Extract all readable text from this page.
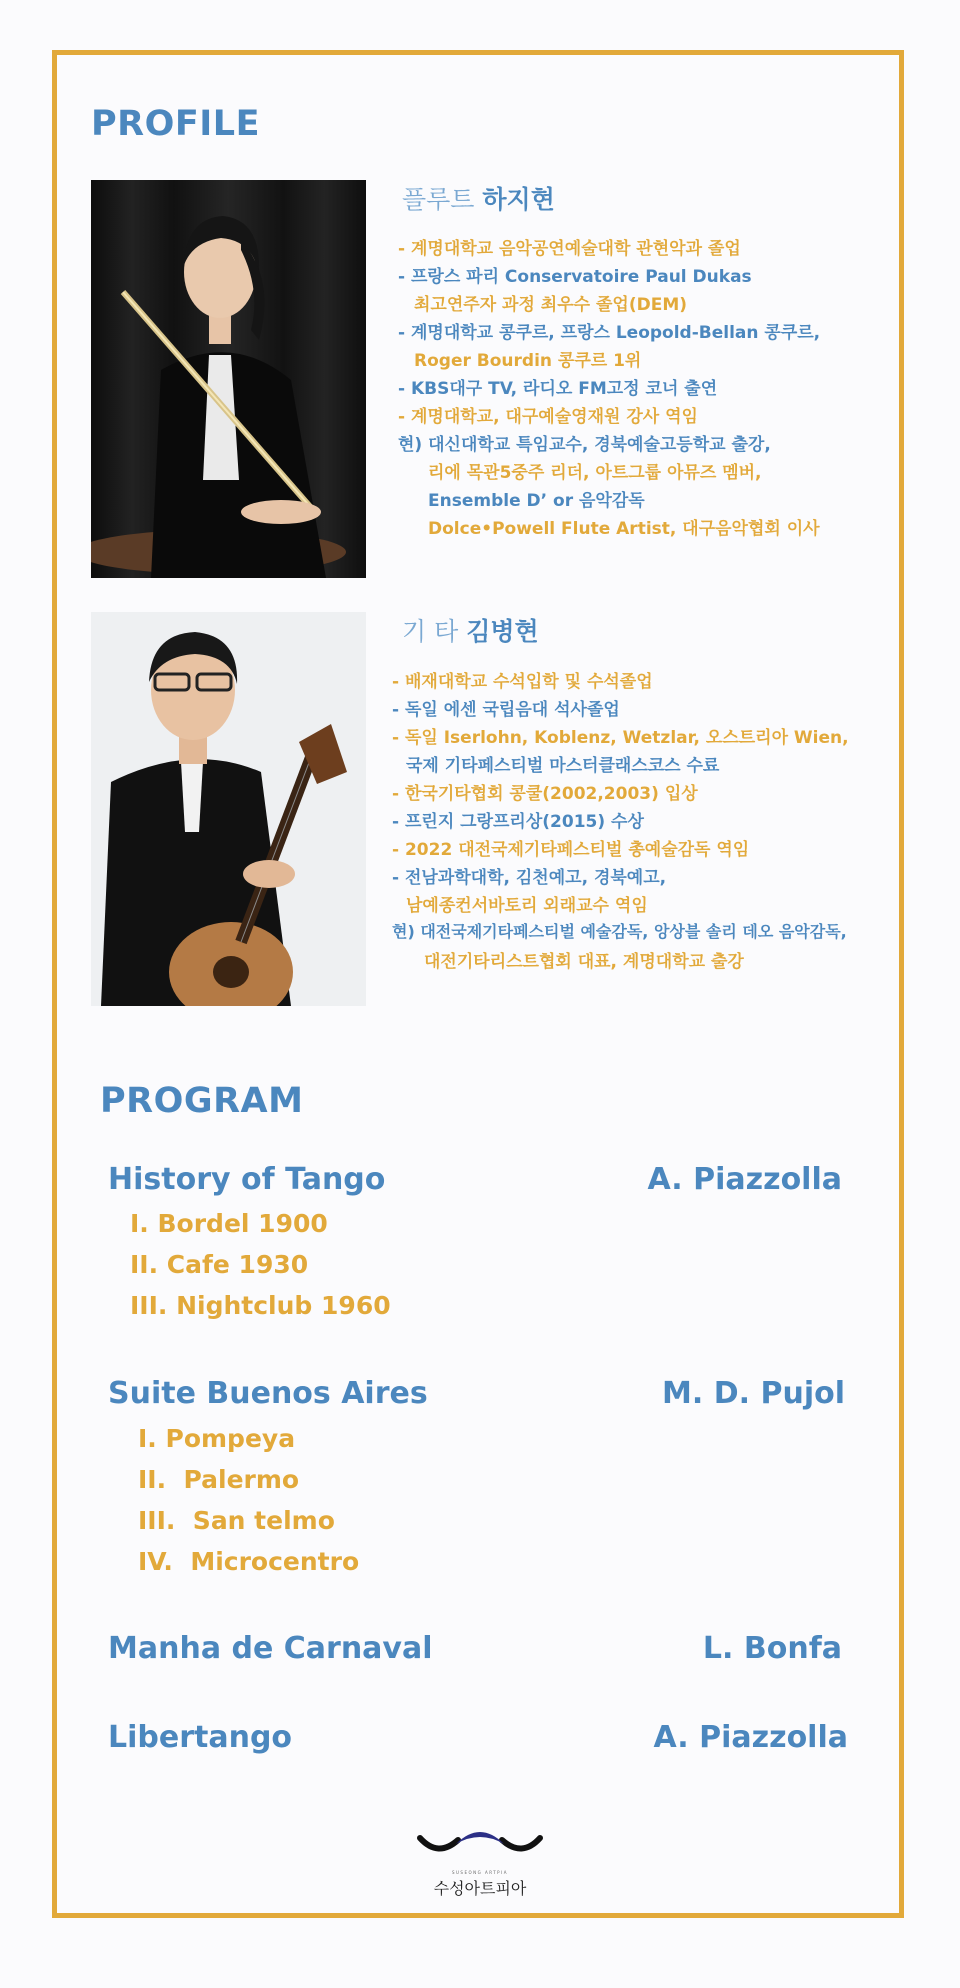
PROFILE
플루트 하지현
- 계명대학교 음악공연예술대학 관현악과 졸업
- 프랑스 파리 Conservatoire Paul Dukas
최고연주자 과정 최우수 졸업(DEM)
- 계명대학교 콩쿠르, 프랑스 Leopold-Bellan 콩쿠르,
Roger Bourdin 콩쿠르 1위
- KBS대구 TV, 라디오 FM고정 코너 출연
- 계명대학교, 대구예술영재원 강사 역임
현) 대신대학교 특임교수, 경북예술고등학교 출강,
리에 목관5중주 리더, 아트그룹 아뮤즈 멤버,
Ensemble D’ or 음악감독
Dolce•Powell Flute Artist, 대구음악협회 이사
기 타 김병현
- 배재대학교 수석입학 및 수석졸업
- 독일 에센 국립음대 석사졸업
- 독일 Iserlohn, Koblenz, Wetzlar, 오스트리아 Wien,
국제 기타페스티벌 마스터클래스코스 수료
- 한국기타협회 콩쿨(2002,2003) 입상
- 프린지 그랑프리상(2015) 수상
- 2022 대전국제기타페스티벌 총예술감독 역임
- 전남과학대학, 김천예고, 경북예고,
남예종컨서바토리 외래교수 역임
현) 대전국제기타페스티벌 예술감독, 앙상블 솔리 데오 음악감독,
대전기타리스트협회 대표, 계명대학교 출강
PROGRAM
History of Tango	A. Piazzolla
I. Bordel 1900
II. Cafe 1930
III. Nightclub 1960
Suite Buenos Aires	M. D. Pujol
I. Pompeya
II.  Palermo
III.  San telmo
IV.  Microcentro
Manha de Carnaval	L. Bonfa
Libertango	A. Piazzolla
SUSEONG ARTPIA
수성아트피아
